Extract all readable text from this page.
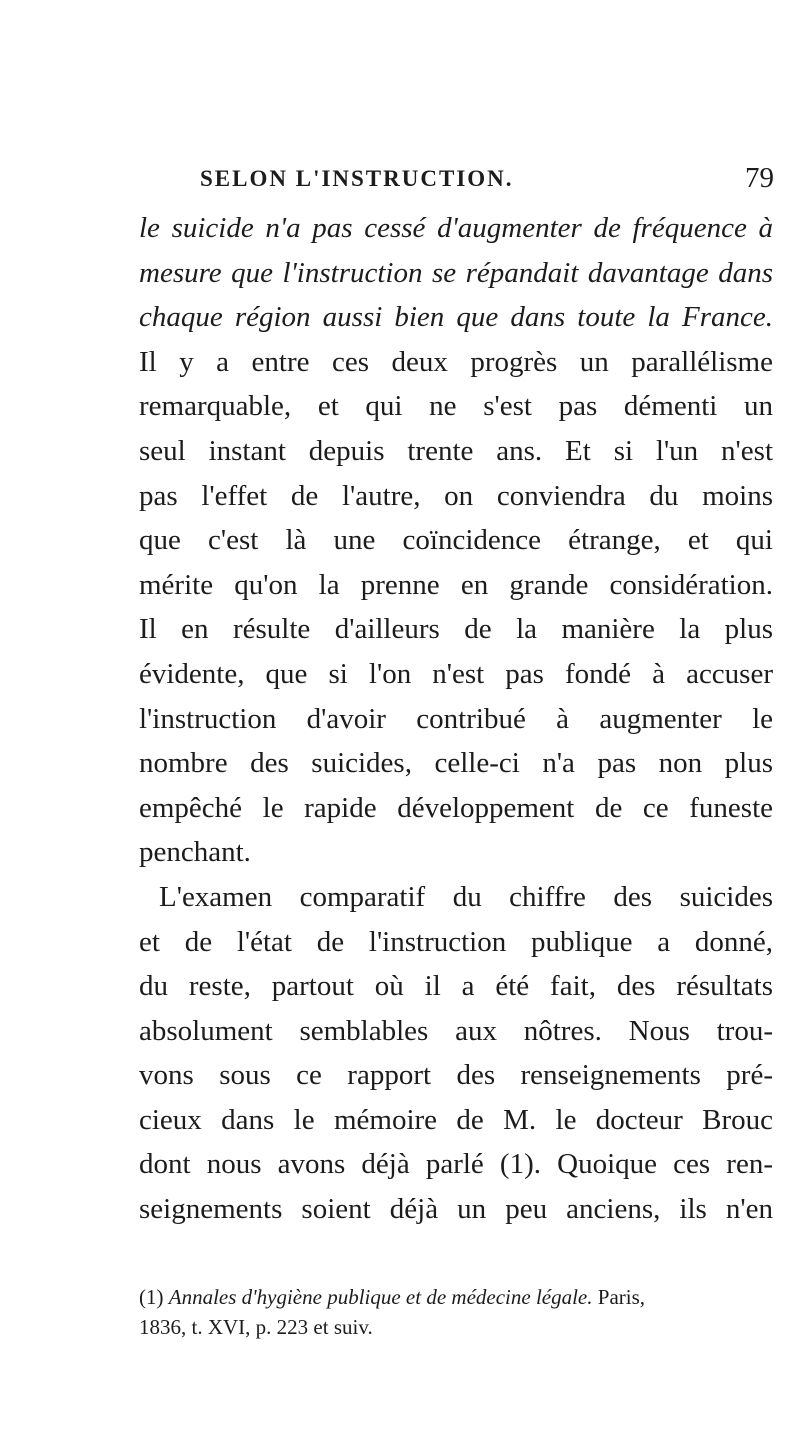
SELON L'INSTRUCTION.	79
le suicide n'a pas cessé d'augmenter de fréquence à
mesure que l'instruction se répandait davantage dans
chaque région aussi bien que dans toute la France.
Il y a entre ces deux progrès un parallélisme
remarquable, et qui ne s'est pas démenti un
seul instant depuis trente ans. Et si l'un n'est
pas l'effet de l'autre, on conviendra du moins
que c'est là une coïncidence étrange, et qui
mérite qu'on la prenne en grande considération.
Il en résulte d'ailleurs de la manière la plus
évidente, que si l'on n'est pas fondé à accuser
l'instruction d'avoir contribué à augmenter le
nombre des suicides, celle-ci n'a pas non plus
empêché le rapide développement de ce funeste
penchant.
L'examen comparatif du chiffre des suicides
et de l'état de l'instruction publique a donné,
du reste, partout où il a été fait, des résultats
absolument semblables aux nôtres. Nous trou-
vons sous ce rapport des renseignements pré-
cieux dans le mémoire de M. le docteur Brouc
dont nous avons déjà parlé (1). Quoique ces ren-
seignements soient déjà un peu anciens, ils n'en
(1) Annales d'hygiène publique et de médecine légale. Paris,
1836, t. XVI, p. 223 et suiv.
